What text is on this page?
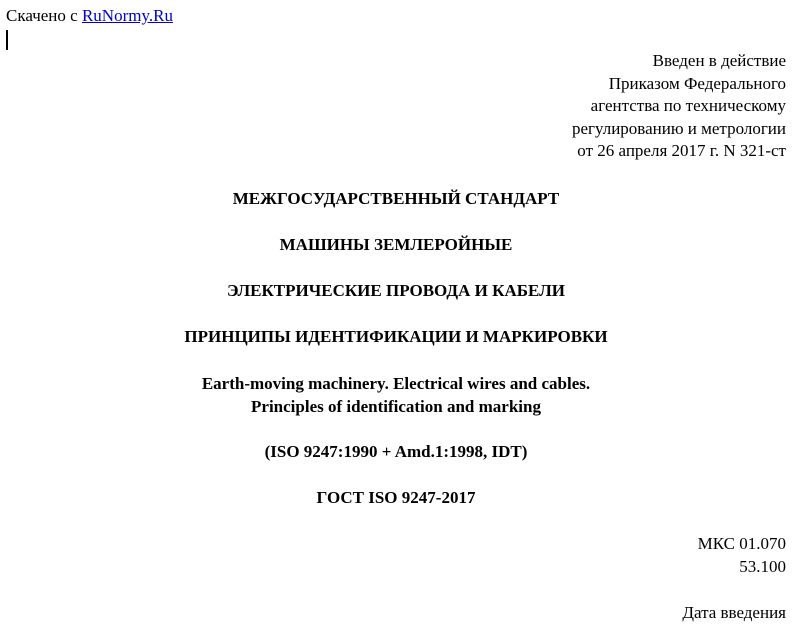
Скачено с RuNormy.Ru
Введен в действие
Приказом Федерального
агентства по техническому
регулированию и метрологии
от 26 апреля 2017 г. N 321-ст
МЕЖГОСУДАРСТВЕННЫЙ СТАНДАРТ
МАШИНЫ ЗЕМЛЕРОЙНЫЕ
ЭЛЕКТРИЧЕСКИЕ ПРОВОДА И КАБЕЛИ
ПРИНЦИПЫ ИДЕНТИФИКАЦИИ И МАРКИРОВКИ
Earth-moving machinery. Electrical wires and cables.
Principles of identification and marking
(ISO 9247:1990 + Amd.1:1998, IDT)
ГОСТ ISO 9247-2017
МКС 01.070
53.100
Дата введения
